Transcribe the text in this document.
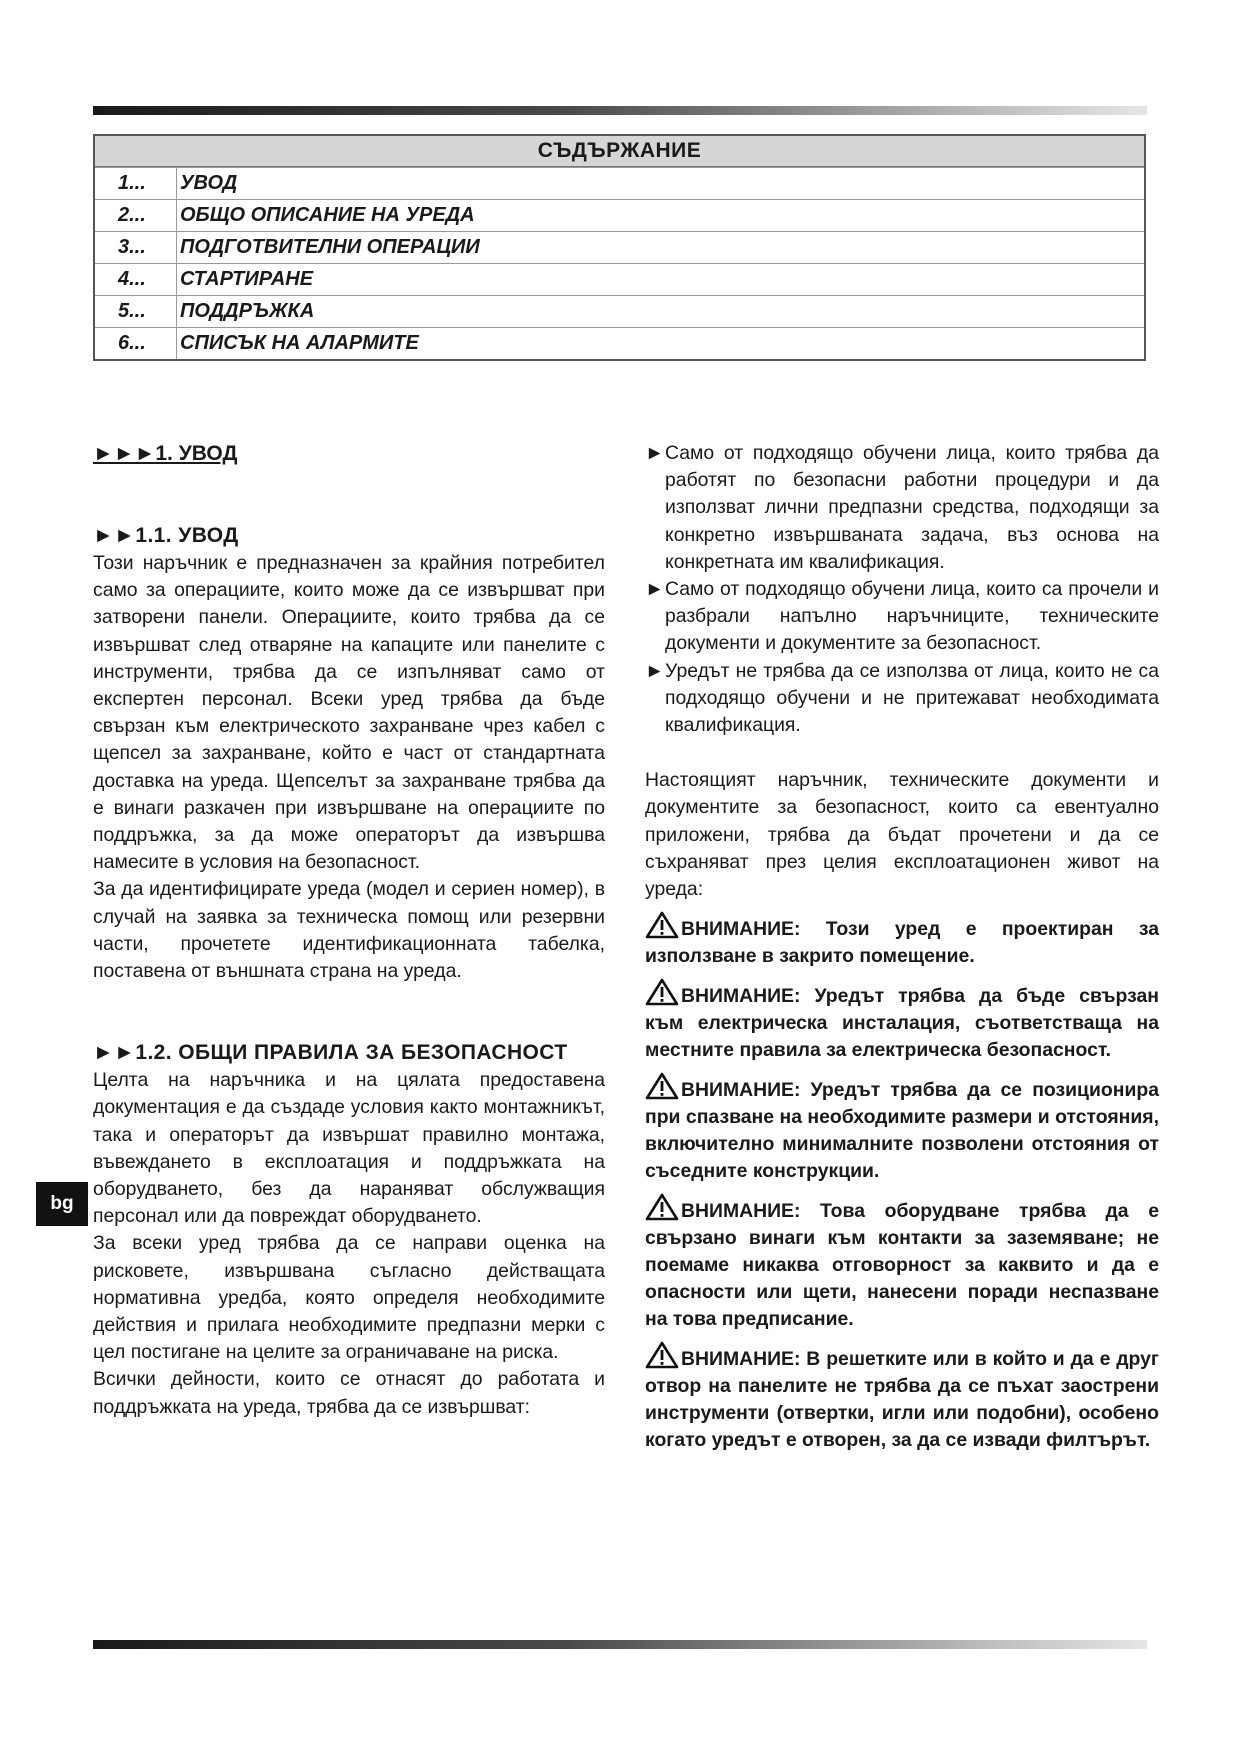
СЪДЪРЖАНИЕ
1...	УВОД
2...	ОБЩО ОПИСАНИЕ НА УРЕДА
3...	ПОДГОТВИТЕЛНИ ОПЕРАЦИИ
4...	СТАРТИРАНЕ
5...	ПОДДРЪЖКА
6...	СПИСЪК НА АЛАРМИТЕ

►►►1. УВОД

►►1.1. УВОД

Този наръчник е предназначен за крайния потребител само за операциите, които може да се извършват при затворени панели. Операциите, които трябва да се извършват след отваряне на капаците или панелите с инструменти, трябва да се изпълняват само от експертен персонал. Всеки уред трябва да бъде свързан към електрическото захранване чрез кабел с щепсел за захранване, който е част от стандартната доставка на уреда. Щепселът за захранване трябва да е винаги разкачен при извършване на операциите по поддръжка, за да може операторът да извършва намесите в условия на безопасност.

За да идентифицирате уреда (модел и сериен номер), в случай на заявка за техническа помощ или резервни части, прочетете идентификационната табелка, поставена от външната страна на уреда.

►►1.2. ОБЩИ ПРАВИЛА ЗА БЕЗОПАСНОСТ

Целта на наръчника и на цялата предоставена документация е да създаде условия както монтажникът, така и операторът да извършат правилно монтажа, въвеждането в експлоатация и поддръжката на оборудването, без да нараняват обслужващия персонал или да повреждат оборудването.

За всеки уред трябва да се направи оценка на рисковете, извършвана съгласно действащата нормативна уредба, която определя необходимите действия и прилага необходимите предпазни мерки с цел постигане на целите за ограничаване на риска.

Всички дейности, които се отнасят до работата и поддръжката на уреда, трябва да се извършват:

► Само от подходящо обучени лица, които трябва да работят по безопасни работни процедури и да използват лични предпазни средства, подходящи за конкретно извършваната задача, въз основа на конкретната им квалификация.
► Само от подходящо обучени лица, които са прочели и разбрали напълно наръчниците, техническите документи и документите за безопасност.
► Уредът не трябва да се използва от лица, които не са подходящо обучени и не притежават необходимата квалификация.

Настоящият наръчник, техническите документи и документите за безопасност, които са евентуално приложени, трябва да бъдат прочетени и да се съхраняват през целия експлоатационен живот на уреда:

ВНИМАНИЕ: Този уред е проектиран за използване в закрито помещение.

ВНИМАНИЕ: Уредът трябва да бъде свързан към електрическа инсталация, съответстваща на местните правила за електрическа безопасност.

ВНИМАНИЕ: Уредът трябва да се позиционира при спазване на необходимите размери и отстояния, включително минималните позволени отстояния от съседните конструкции.

ВНИМАНИЕ: Това оборудване трябва да е свързано винаги към контакти за заземяване; не поемаме никаква отговорност за каквито и да е опасности или щети, нанесени поради неспазване на това предписание.

ВНИМАНИЕ: В решетките или в който и да е друг отвор на панелите не трябва да се пъхат заострени инструменти (отвертки, игли или подобни), особено когато уредът е отворен, за да се извади филтърът.

bg
